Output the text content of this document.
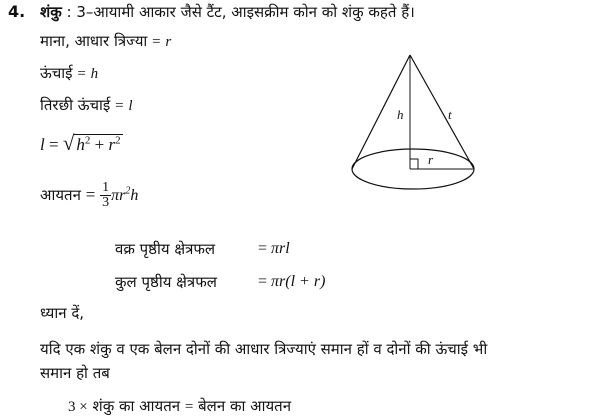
4. शंकु : 3–आयामी आकार जैसे टैंट, आइसक्रीम कोन को शंकु कहते हैं।
माना, आधार त्रिज्या = r
ऊंचाई = h
तिरछी ऊंचाई = l
l = √ $h^2 + r^2$
आयतन = $\frac{1}{3} \pi r^2h$
वक्र पृष्ठीय क्षेत्रफल	= πrl
कुल पृष्ठीय क्षेत्रफल	= πr(l + r)
ध्यान दें,
यदि एक शंकु व एक बेलन दोनों की आधार त्रिज्याएं समान हों व दोनों की ऊंचाई भी
समान हो तब
3 × शंकु का आयतन = बेलन का आयतन
h	t
r
